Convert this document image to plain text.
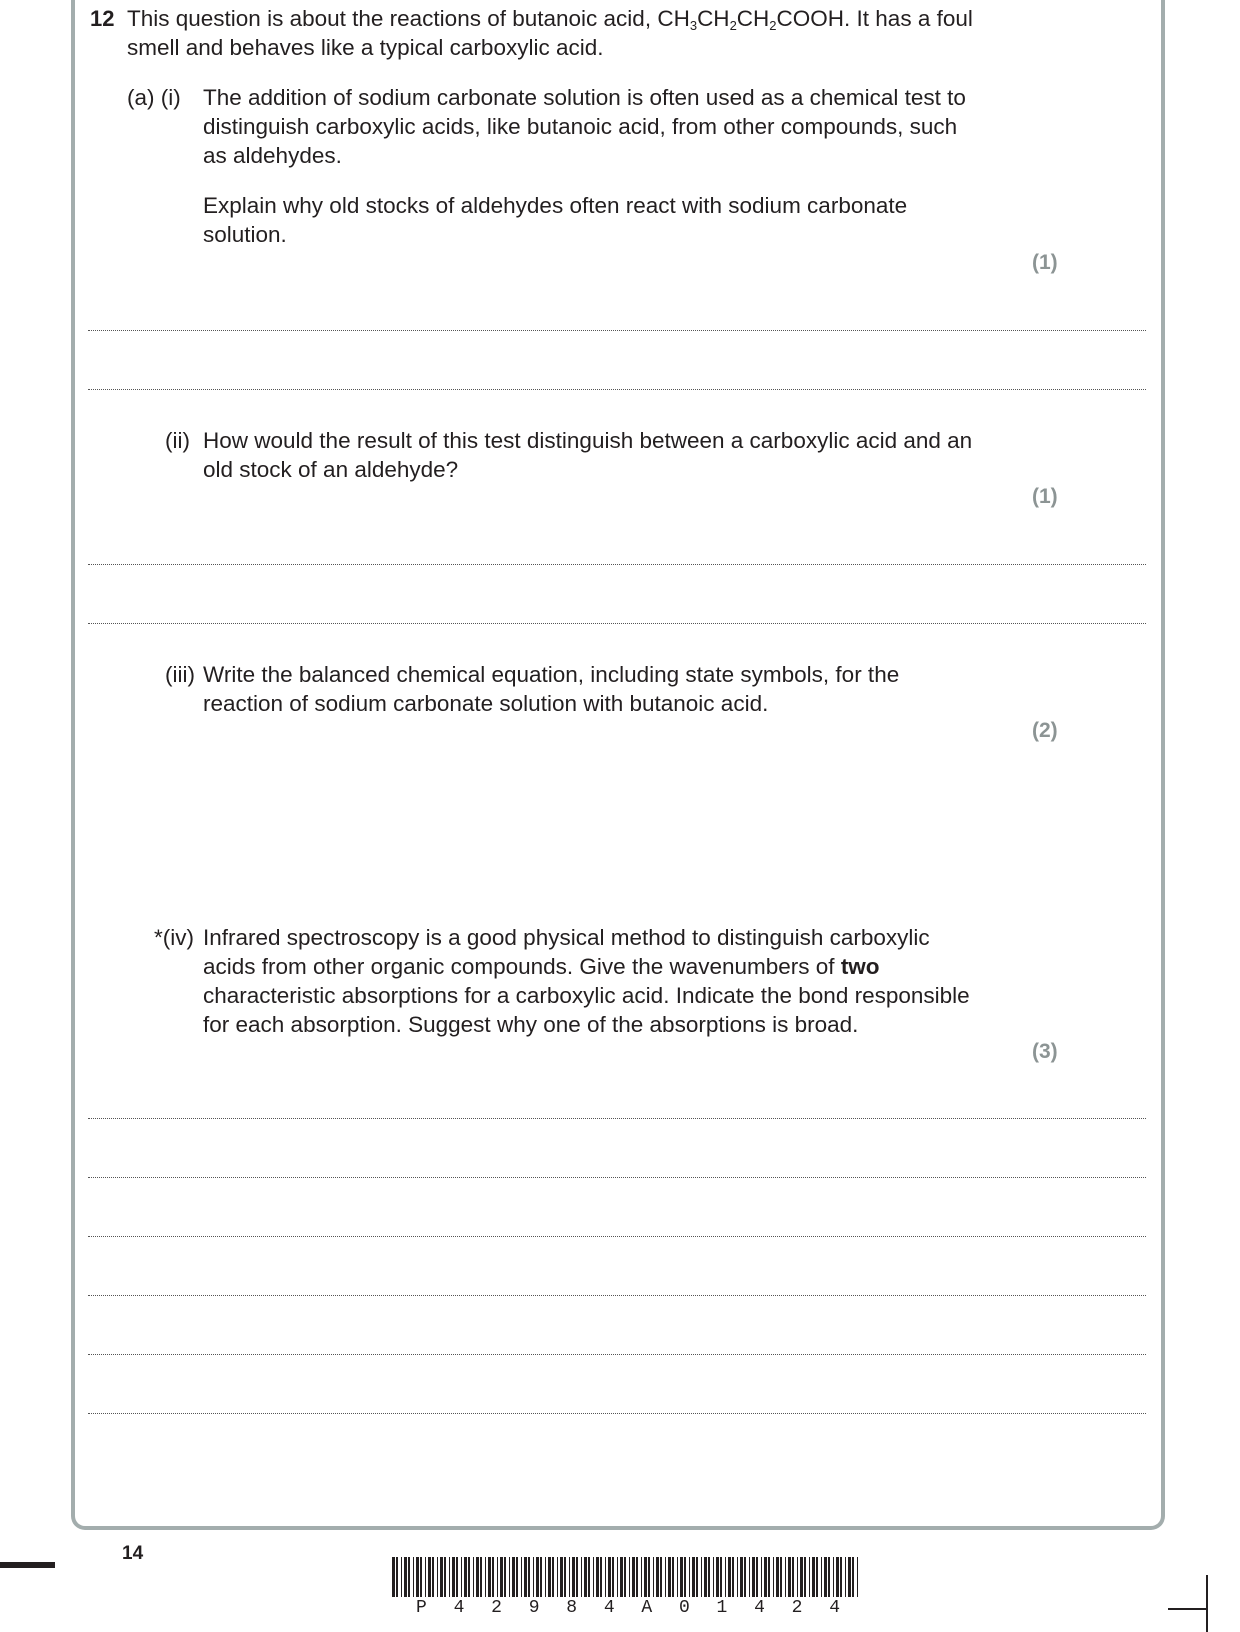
12 This question is about the reactions of butanoic acid, $CH_3CH_2CH_2COOH$. It has a foul
smell and behaves like a typical carboxylic acid.
(a) (i) The addition of sodium carbonate solution is often used as a chemical test to
distinguish carboxylic acids, like butanoic acid, from other compounds, such
as aldehydes.
Explain why old stocks of aldehydes often react with sodium carbonate
solution.
(1)
(ii) How would the result of this test distinguish between a carboxylic acid and an
old stock of an aldehyde?
(1)
(iii) Write the balanced chemical equation, including state symbols, for the
reaction of sodium carbonate solution with butanoic acid.
(2)
*(iv) Infrared spectroscopy is a good physical method to distinguish carboxylic
acids from other organic compounds. Give the wavenumbers of two
characteristic absorptions for a carboxylic acid. Indicate the bond responsible
for each absorption. Suggest why one of the absorptions is broad.
(3)
14
P 4 2 9 8 4 A 0 1 4 2 4
